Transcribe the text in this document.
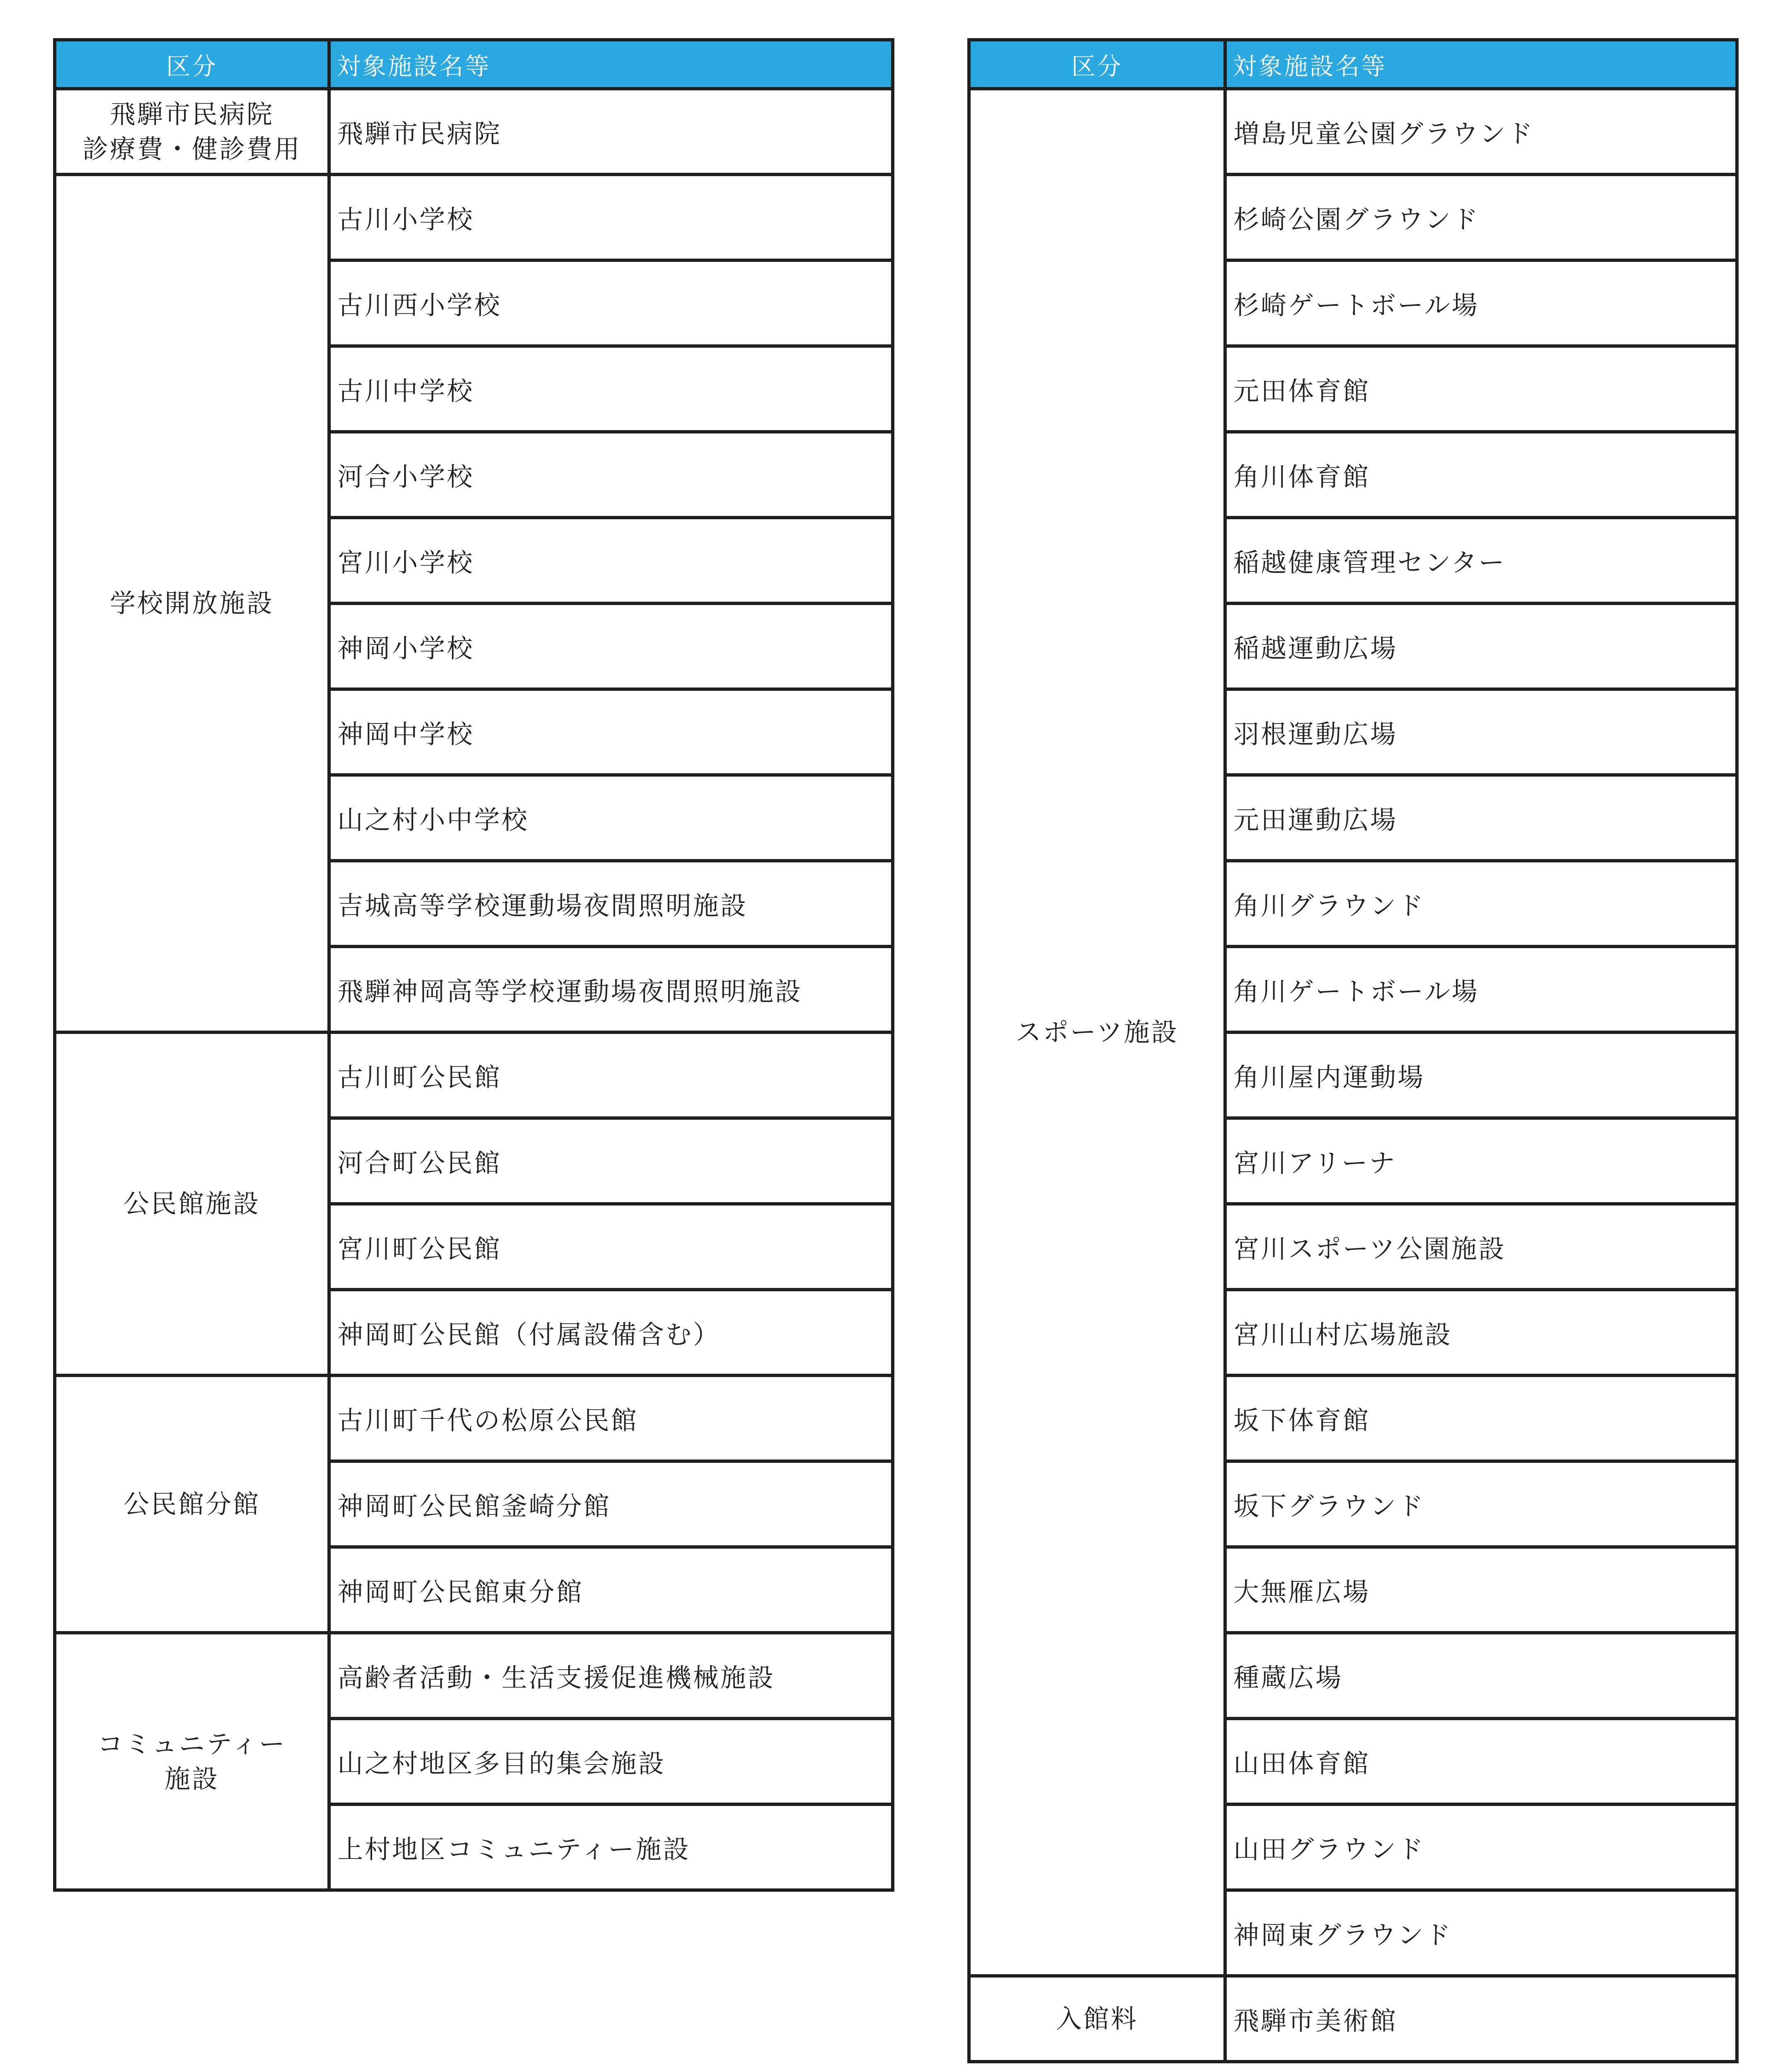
区分	対象施設名等

飛騨市民病院
診療費・健診費用	飛騨市民病院

学校開放施設	古川小学校
	古川西小学校
	古川中学校
	河合小学校
	宮川小学校
	神岡小学校
	神岡中学校
	山之村小中学校
	吉城高等学校運動場夜間照明施設
	飛騨神岡高等学校運動場夜間照明施設

公民館施設	古川町公民館
	河合町公民館
	宮川町公民館
	神岡町公民館（付属設備含む）

公民館分館	古川町千代の松原公民館
	神岡町公民館釜崎分館
	神岡町公民館東分館

コミュニティー
施設	高齢者活動・生活支援促進機械施設
	山之村地区多目的集会施設
	上村地区コミュニティー施設
区分	対象施設名等

スポーツ施設	増島児童公園グラウンド
	杉崎公園グラウンド
	杉崎ゲートボール場
	元田体育館
	角川体育館
	稲越健康管理センター
	稲越運動広場
	羽根運動広場
	元田運動広場
	角川グラウンド
	角川ゲートボール場
	角川屋内運動場
	宮川アリーナ
	宮川スポーツ公園施設
	宮川山村広場施設
	坂下体育館
	坂下グラウンド
	大無雁広場
	種蔵広場
	山田体育館
	山田グラウンド
	神岡東グラウンド

入館料	飛騨市美術館
